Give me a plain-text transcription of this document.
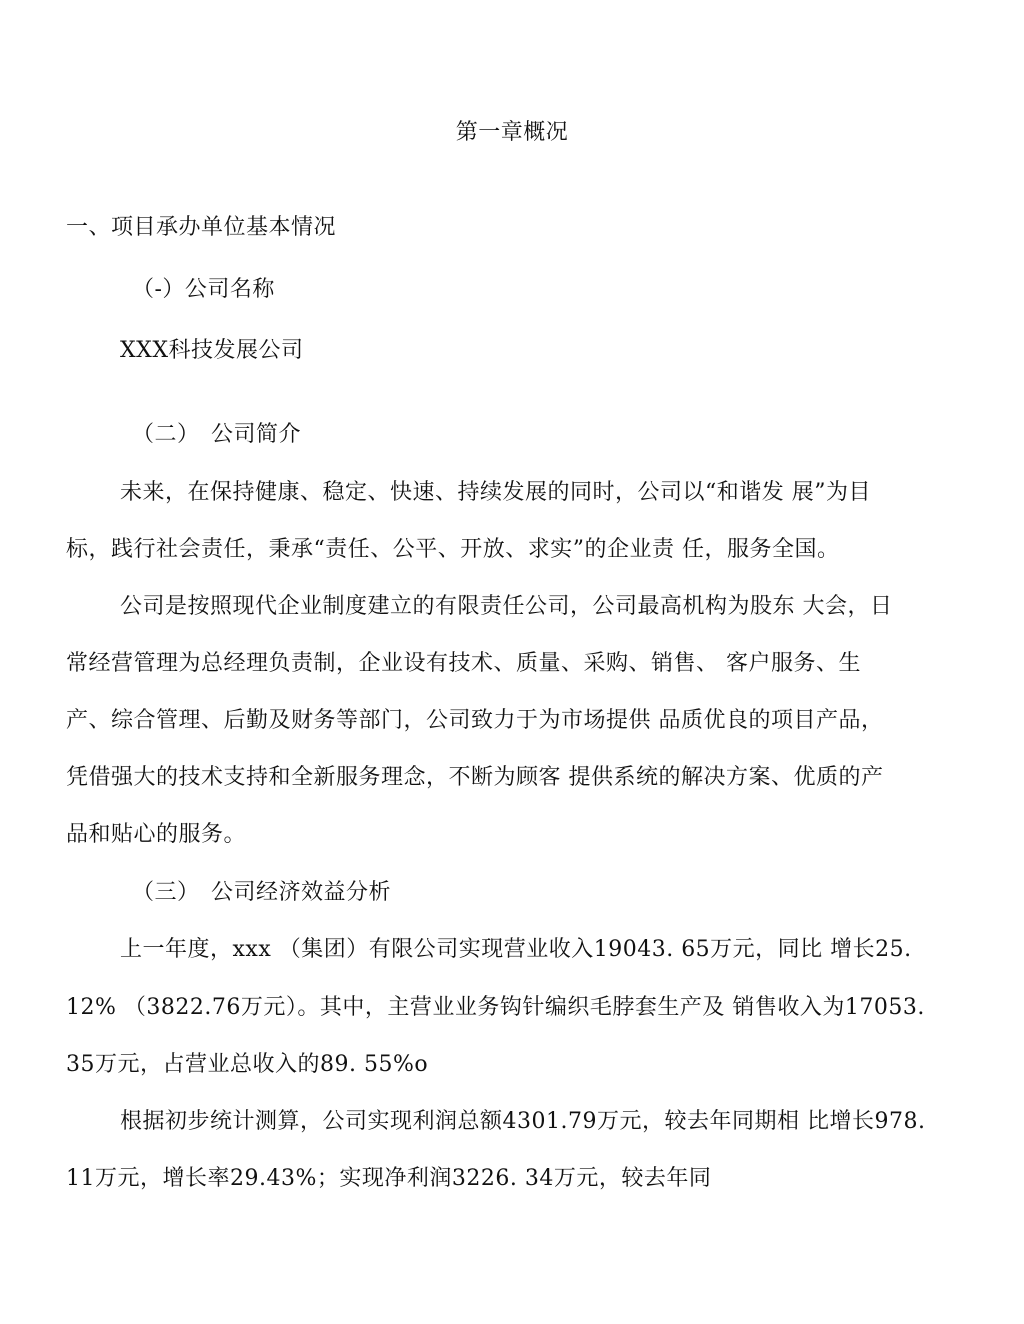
第一章概况
一、项目承办单位基本情况
（-）公司名称
XXX科技发展公司
（二）　公司简介
未来，在保持健康、稳定、快速、持续发展的同时，公司以“和谐发 展”为目
标，践行社会责任，秉承“责任、公平、开放、求实”的企业责 任，服务全国。
公司是按照现代企业制度建立的有限责任公司，公司最高机构为股东 大会，日
常经营管理为总经理负责制，企业设有技术、质量、采购、销售、 客户服务、生
产、综合管理、后勤及财务等部门，公司致力于为市场提供 品质优良的项目产品，
凭借强大的技术支持和全新服务理念，不断为顾客 提供系统的解决方案、优质的产
品和贴心的服务。
（三）　公司经济效益分析
上一年度，xxx （集团）有限公司实现营业收入19043. 65万元，同比 增长25.
12% （3822.76万元）。其中，主营业业务钩针编织毛脖套生产及 销售收入为17053.
35万元，占营业总收入的89. 55%o
根据初步统计测算，公司实现利润总额4301.79万元，较去年同期相 比增长978.
11万元，增长率29.43%；实现净利润3226. 34万元，较去年同
